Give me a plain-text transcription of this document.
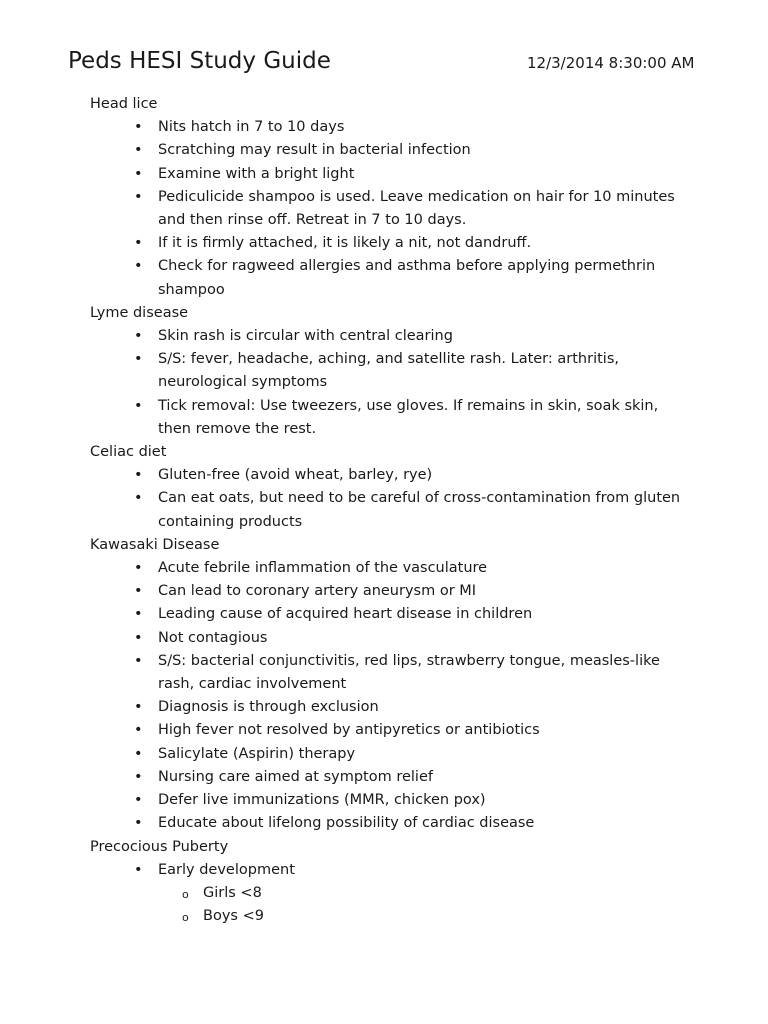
Peds HESI Study Guide	12/3/2014 8:30:00 AM
Head lice
• Nits hatch in 7 to 10 days
• Scratching may result in bacterial infection
• Examine with a bright light
• Pediculicide shampoo is used. Leave medication on hair for 10 minutes and then rinse off. Retreat in 7 to 10 days.
• If it is firmly attached, it is likely a nit, not dandruff.
• Check for ragweed allergies and asthma before applying permethrin shampoo
Lyme disease
• Skin rash is circular with central clearing
• S/S: fever, headache, aching, and satellite rash. Later: arthritis, neurological symptoms
• Tick removal: Use tweezers, use gloves. If remains in skin, soak skin, then remove the rest.
Celiac diet
• Gluten-free (avoid wheat, barley, rye)
• Can eat oats, but need to be careful of cross-contamination from gluten containing products
Kawasaki Disease
• Acute febrile inflammation of the vasculature
• Can lead to coronary artery aneurysm or MI
• Leading cause of acquired heart disease in children
• Not contagious
• S/S: bacterial conjunctivitis, red lips, strawberry tongue, measles-like rash, cardiac involvement
• Diagnosis is through exclusion
• High fever not resolved by antipyretics or antibiotics
• Salicylate (Aspirin) therapy
• Nursing care aimed at symptom relief
• Defer live immunizations (MMR, chicken pox)
• Educate about lifelong possibility of cardiac disease
Precocious Puberty
• Early development
o Girls <8
o Boys <9
